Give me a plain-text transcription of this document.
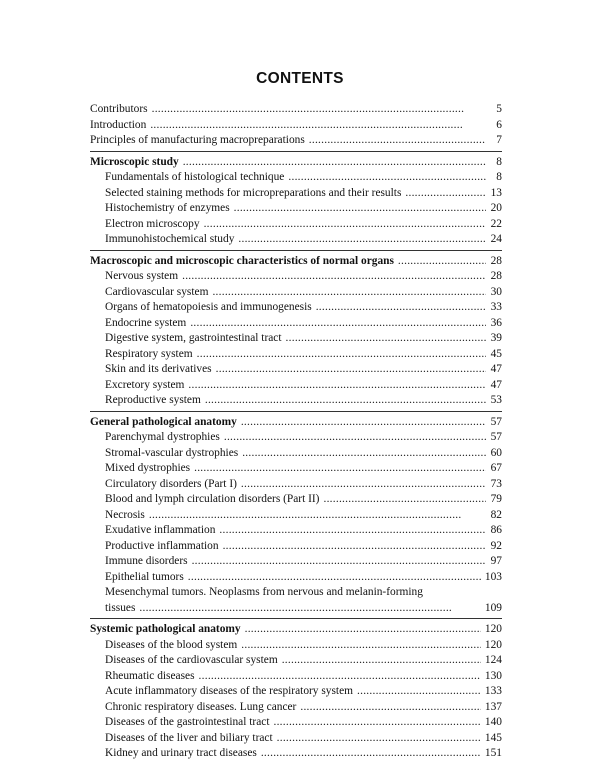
CONTENTS
Contributors . . .	5
Introduction . . .	6
Principles of manufacturing macropreparations . . .	7
Microscopic study . . .	8
Fundamentals of histological technique . . .	8
Selected staining methods for micropreparations and their results . . .	13
Histochemistry of enzymes . . .	20
Electron microscopy . . .	22
Immunohistochemical study . . .	24
Macroscopic and microscopic characteristics of normal organs . . .	28
Nervous system . . .	28
Cardiovascular system . . .	30
Organs of hematopoiesis and immunogenesis . . .	33
Endocrine system . . .	36
Digestive system, gastrointestinal tract . . .	39
Respiratory system . . .	45
Skin and its derivatives . . .	47
Excretory system . . .	47
Reproductive system . . .	53
General pathological anatomy . . .	57
Parenchymal dystrophies . . .	57
Stromal-vascular dystrophies . . .	60
Mixed dystrophies . . .	67
Circulatory disorders (Part I) . . .	73
Blood and lymph circulation disorders (Part II) . . .	79
Necrosis . . .	82
Exudative inflammation . . .	86
Productive inflammation . . .	92
Immune disorders . . .	97
Epithelial tumors . . .	103
Mesenchymal tumors. Neoplasms from nervous and melanin-forming
tissues . . .	109
Systemic pathological anatomy . . .	120
Diseases of the blood system . . .	120
Diseases of the cardiovascular system . . .	124
Rheumatic diseases . . .	130
Acute inflammatory diseases of the respiratory system . . .	133
Chronic respiratory diseases. Lung cancer . . .	137
Diseases of the gastrointestinal tract . . .	140
Diseases of the liver and biliary tract . . .	145
Kidney and urinary tract diseases . . .	151
